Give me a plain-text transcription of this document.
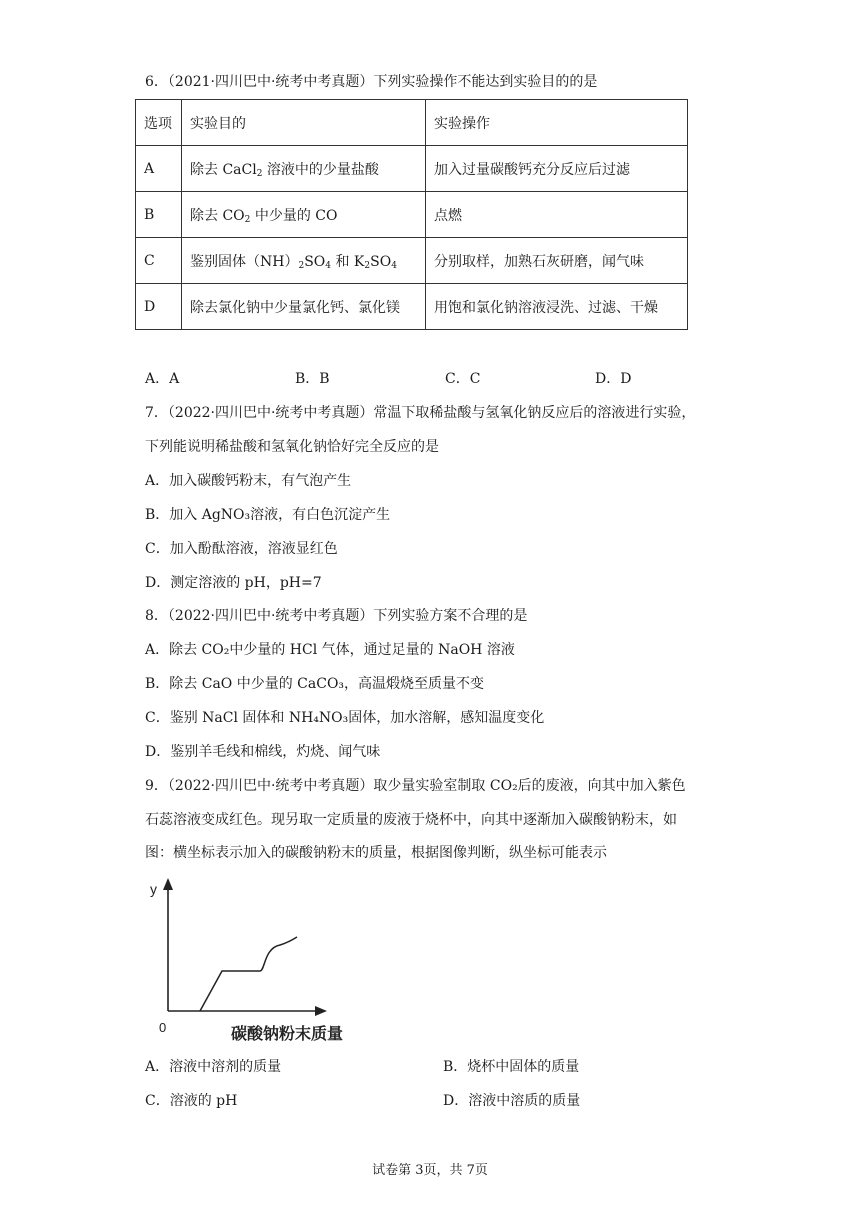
6．（2021·四川巴中·统考中考真题）下列实验操作不能达到实验目的的是
选项	实验目的	实验操作
A	除去 CaCl$_2$ 溶液中的少量盐酸	加入过量碳酸钙充分反应后过滤
B	除去 $CO_2$ 中少量的 CO	点燃
C	鉴别固体$(NH)_2SO_4$ 和 $K_2SO_4$	分别取样，加熟石灰研磨，闻气味
D	除去氯化钠中少量氯化钙、氯化镁	用饱和氯化钠溶液浸洗、过滤、干燥
A．A	B．B	C．C	D．D
7．（2022·四川巴中·统考中考真题）常温下取稀盐酸与氢氧化钠反应后的溶液进行实验，
下列能说明稀盐酸和氢氧化钠恰好完全反应的是
A．加入碳酸钙粉末，有气泡产生
B．加入 AgNO₃溶液，有白色沉淀产生
C．加入酚酞溶液，溶液显红色
D．测定溶液的 pH，pH=7
8．（2022·四川巴中·统考中考真题）下列实验方案不合理的是
A．除去 CO₂中少量的 HCl 气体，通过足量的 NaOH 溶液
B．除去 CaO 中少量的 CaCO₃，高温煅烧至质量不变
C．鉴别 NaCl 固体和 NH₄NO₃固体，加水溶解，感知温度变化
D．鉴别羊毛线和棉线，灼烧、闻气味
9．（2022·四川巴中·统考中考真题）取少量实验室制取 CO₂后的废液，向其中加入紫色
石蕊溶液变成红色。现另取一定质量的废液于烧杯中，向其中逐渐加入碳酸钠粉末，如
图：横坐标表示加入的碳酸钠粉末的质量，根据图像判断，纵坐标可能表示
y
0	碳酸钠粉末质量
A．溶液中溶剂的质量	B．烧杯中固体的质量
C．溶液的 pH	D．溶液中溶质的质量
试卷第 3页，共 7页
